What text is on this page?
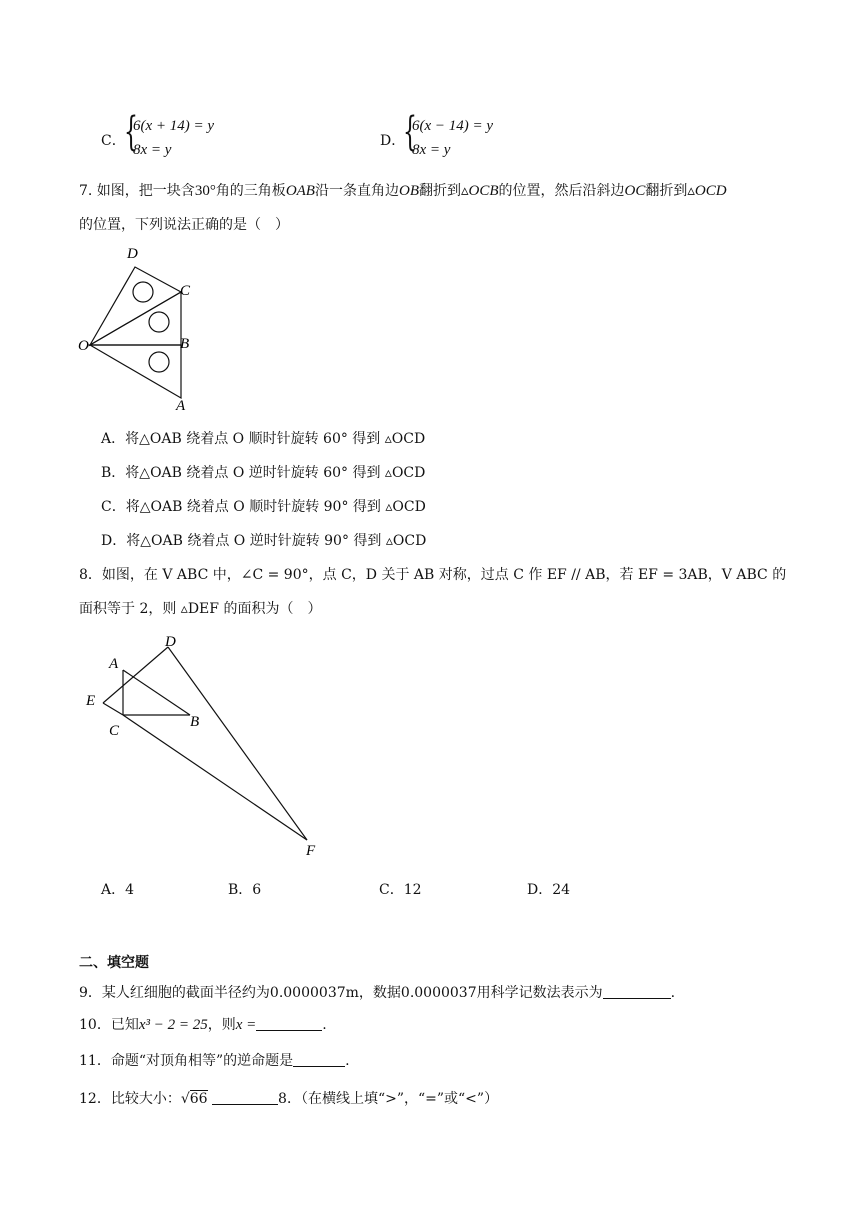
C．
{
6(x + 14) = y
8x = y
D．
{
6(x − 14) = y
8x = y
7. 如图，把一块含30°角的三角板OAB沿一条直角边OB翻折到▵OCB的位置，然后沿斜边OC翻折到▵OCD
的位置，下列说法正确的是（　）
D
C
O	B
A
A．将△OAB 绕着点 O 顺时针旋转 60° 得到 ▵OCD
B．将△OAB 绕着点 O 逆时针旋转 60° 得到 ▵OCD
C．将△OAB 绕着点 O 顺时针旋转 90° 得到 ▵OCD
D．将△OAB 绕着点 O 逆时针旋转 90° 得到 ▵OCD
8．如图，在 V ABC 中，∠C = 90°，点 C，D 关于 AB 对称，过点 C 作 EF // AB，若 EF = 3AB，V ABC 的
面积等于 2，则 ▵DEF 的面积为（　）
D
A
E
C
B
F
A．4	B．6	C．12	D．24
二、填空题
9．某人红细胞的截面半径约为0.0000037m，数据0.0000037用科学记数法表示为	.
10．已知x³ − 2 = 25，则x =	.
11．命题“对顶角相等”的逆命题是	.
12．比较大小：√66	8．（在横线上填“>”，“=”或“<”）
